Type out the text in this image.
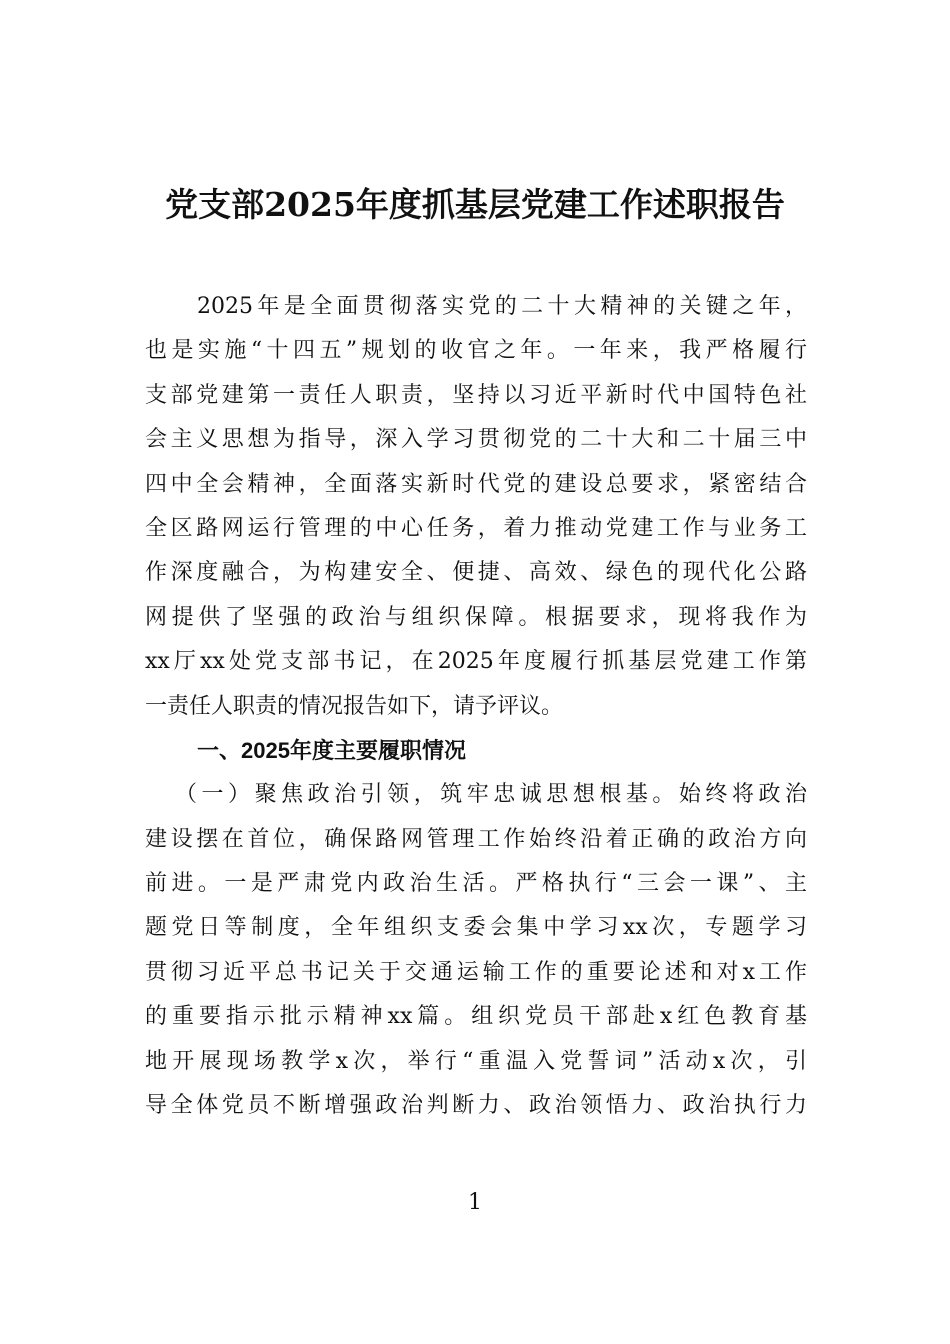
党支部2025年度抓基层党建工作述职报告
2025年是全面贯彻落实党的二十大精神的关键之年，
也是实施“十四五”规划的收官之年。一年来，我严格履行
支部党建第一责任人职责，坚持以习近平新时代中国特色社
会主义思想为指导，深入学习贯彻党的二十大和二十届三中
四中全会精神，全面落实新时代党的建设总要求，紧密结合
全区路网运行管理的中心任务，着力推动党建工作与业务工
作深度融合，为构建安全、便捷、高效、绿色的现代化公路
网提供了坚强的政治与组织保障。根据要求，现将我作为
xx厅xx处党支部书记，在2025年度履行抓基层党建工作第
一责任人职责的情况报告如下，请予评议。
一、2025年度主要履职情况
（一）聚焦政治引领，筑牢忠诚思想根基。始终将政治
建设摆在首位，确保路网管理工作始终沿着正确的政治方向
前进。一是严肃党内政治生活。严格执行“三会一课”、主
题党日等制度，全年组织支委会集中学习xx次，专题学习
贯彻习近平总书记关于交通运输工作的重要论述和对x工作
的重要指示批示精神xx篇。组织党员干部赴x红色教育基
地开展现场教学x次，举行“重温入党誓词”活动x次，引
导全体党员不断增强政治判断力、政治领悟力、政治执行力
1
